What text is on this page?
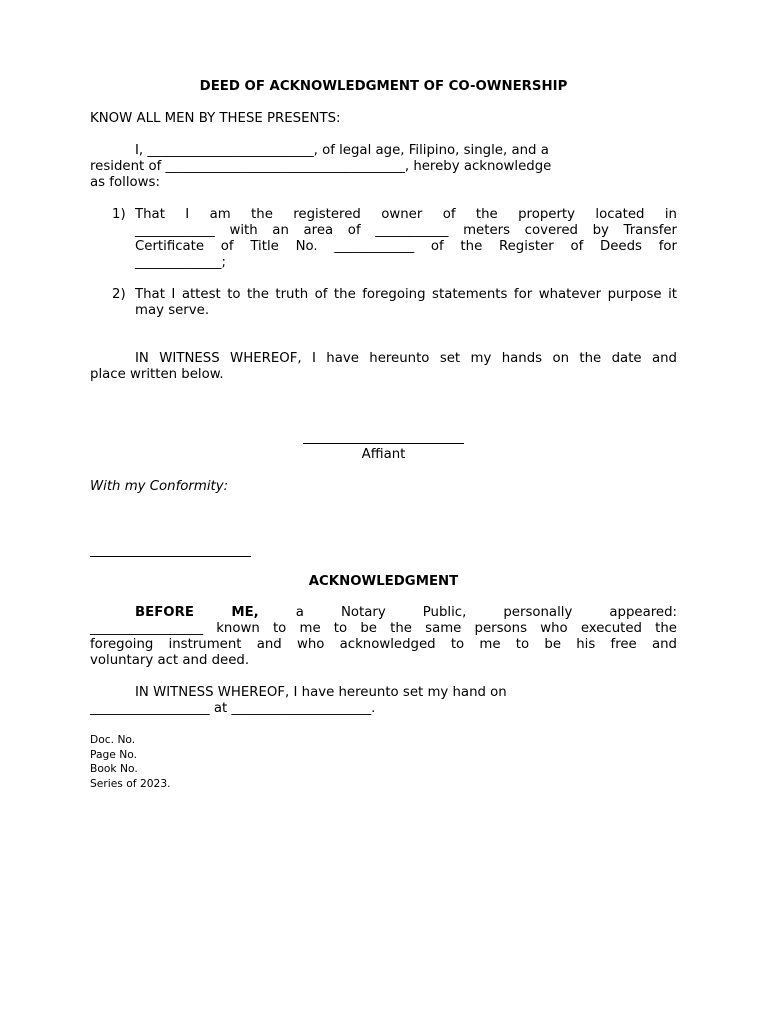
DEED OF ACKNOWLEDGMENT OF CO-OWNERSHIP
KNOW ALL MEN BY THESE PRESENTS:
I, _________________________, of legal age, Filipino, single, and a
resident of ____________________________________, hereby acknowledge
as follows:
1) That I am the registered owner of the property located in
____________ with an area of ___________ meters covered by Transfer
Certificate of Title No. ____________ of the Register of Deeds for
_____________;
2) That I attest to the truth of the foregoing statements for whatever purpose it may serve.
IN WITNESS WHEREOF, I have hereunto set my hands on the date and
place written below.
Affiant
With my Conformity:
ACKNOWLEDGMENT
BEFORE ME,	a Notary Public, personally appeared:
_________________ known to me to be the same persons who executed the
foregoing instrument and who acknowledged to me to be his free and
voluntary act and deed.
IN WITNESS WHEREOF, I have hereunto set my hand on
__________________ at _____________________.
Doc. No.
Page No.
Book No.
Series of 2023.
